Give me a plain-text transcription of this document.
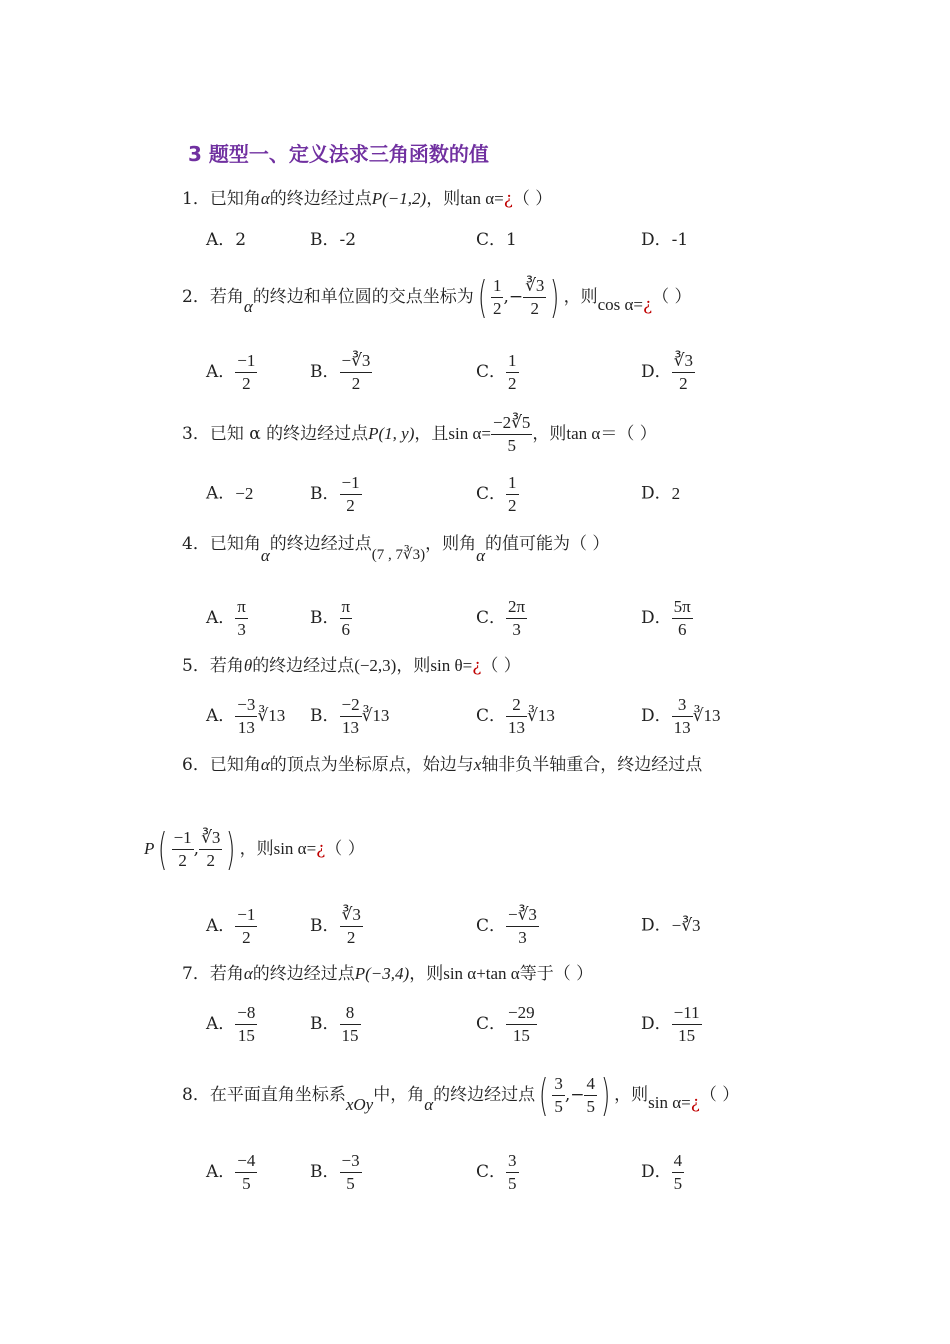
3 题型一、定义法求三角函数的值
1．已知角α的终边经过点P(−1,2)，则tan α=¿（ ）
A．2	B．-2	C．1	D．-1
2．若角α的终边和单位圆的交点坐标为( $\frac{1}{2}$ ,− $\frac{∛3}{2}$ ) ，则cos α=¿（ ）
A． $\frac{-1}{2}$	B． $\frac{-∛3}{2}$	C． $\frac{1}{2}$	D． $\frac{∛3}{2}$
3．已知 α 的终边经过点P(1, y)，且$\sin \alpha= \frac{-2∛5}{5}$ ，则tan α＝（ ）
A．−2	B． $\frac{-1}{2}$	C． $\frac{1}{2}$	D．2
4．已知角α的终边经过点(7 , 7∛3)，则角α的值可能为（ ）
A． $\frac{\pi}{3}$	B． $\frac{\pi}{6}$	C． $\frac{2\pi}{3}$	D． $\frac{5\pi}{6}$
5．若角θ的终边经过点(−2,3)，则sin θ=¿（ ）
A． $\frac{-3}{13}$ ∛13 B． $\frac{-2}{13}$ ∛13	C． $\frac{2}{13}$ ∛13	D． $\frac{3}{13}$ ∛13
6．已知角α的顶点为坐标原点，始边与x轴非负半轴重合，终边经过点
$P( \frac{-1}{2}$ , $\frac{∛3}{2}$ ) ，则sin α=¿（ ）
A． $\frac{-1}{2}$	B． $\frac{∛3}{2}$	C． $\frac{-∛3}{3}$	D．−∛3
7．若角α的终边经过点P(−3,4)，则sin α+tan α等于（ ）
A． $\frac{-8}{15}$	B． $\frac{8}{15}$	C． $\frac{-29}{15}$	D． $\frac{-11}{15}$
8．在平面直角坐标系xOy中，角α的终边经过点( $\frac{3}{5}$ ,− $\frac{4}{5}$ ) ，则sin α=¿（ ）
A． $\frac{-4}{5}$	B． $\frac{-3}{5}$	C． $\frac{3}{5}$	D． $\frac{4}{5}$
